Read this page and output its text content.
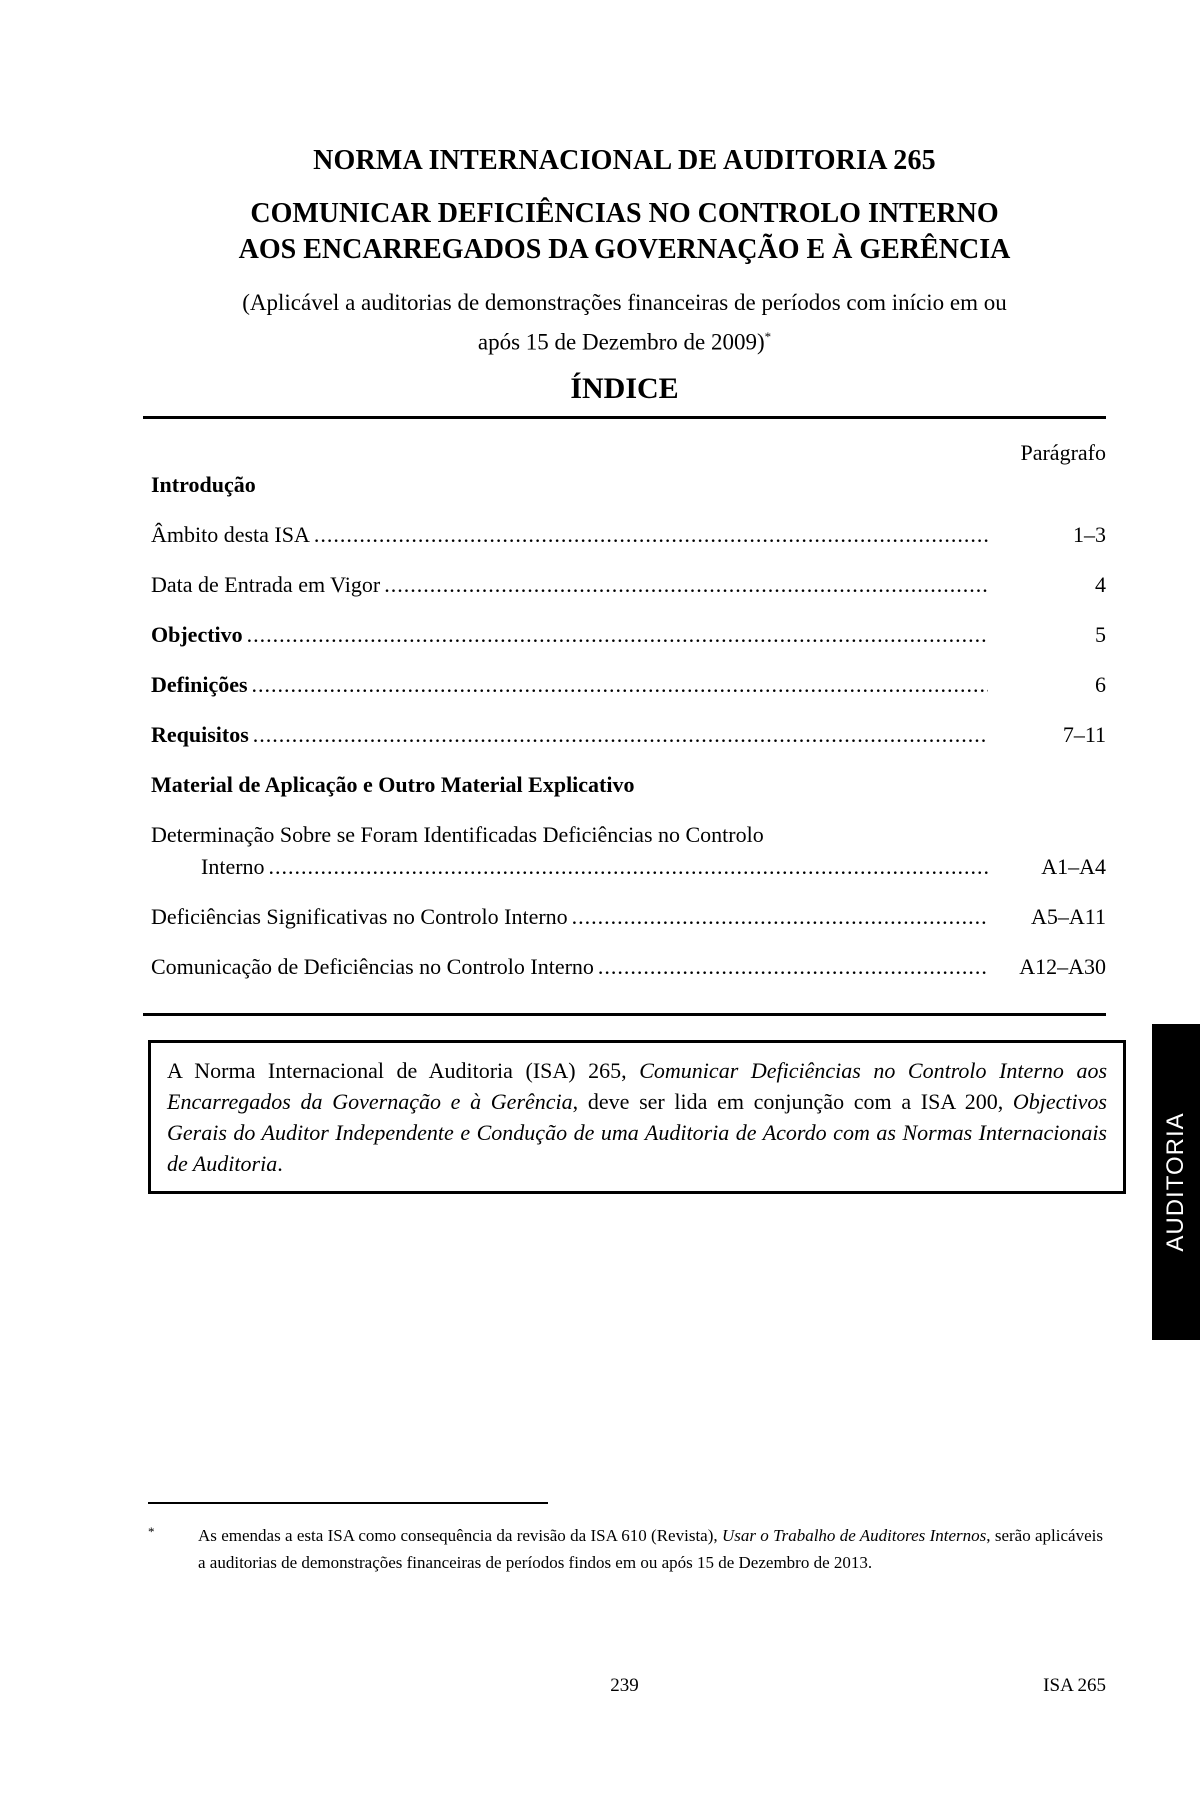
NORMA INTERNACIONAL DE AUDITORIA 265
COMUNICAR DEFICIÊNCIAS NO CONTROLO INTERNO
AOS ENCARREGADOS DA GOVERNAÇÃO E À GERÊNCIA
(Aplicável a auditorias de demonstrações financeiras de períodos com início em ou
após 15 de Dezembro de 2009)*
ÍNDICE
Parágrafo
Introdução
Âmbito desta ISA .....	1–3
Data de Entrada em Vigor .....	4
Objectivo .....	5
Definições .....	6
Requisitos .....	7–11
Material de Aplicação e Outro Material Explicativo
Determinação Sobre se Foram Identificadas Deficiências no Controlo
Interno .....	A1–A4
Deficiências Significativas no Controlo Interno .....	A5–A11
Comunicação de Deficiências no Controlo Interno .....	A12–A30
A Norma Internacional de Auditoria (ISA) 265, Comunicar Deficiências no Controlo Interno aos Encarregados da Governação e à Gerência, deve ser lida em conjunção com a ISA 200, Objectivos Gerais do Auditor Independente e Condução de uma Auditoria de Acordo com as Normas Internacionais de Auditoria.
*	As emendas a esta ISA como consequência da revisão da ISA 610 (Revista), Usar o Trabalho de Auditores Internos, serão aplicáveis a auditorias de demonstrações financeiras de períodos findos em ou após 15 de Dezembro de 2013.
239	ISA 265
AUDITORIA
